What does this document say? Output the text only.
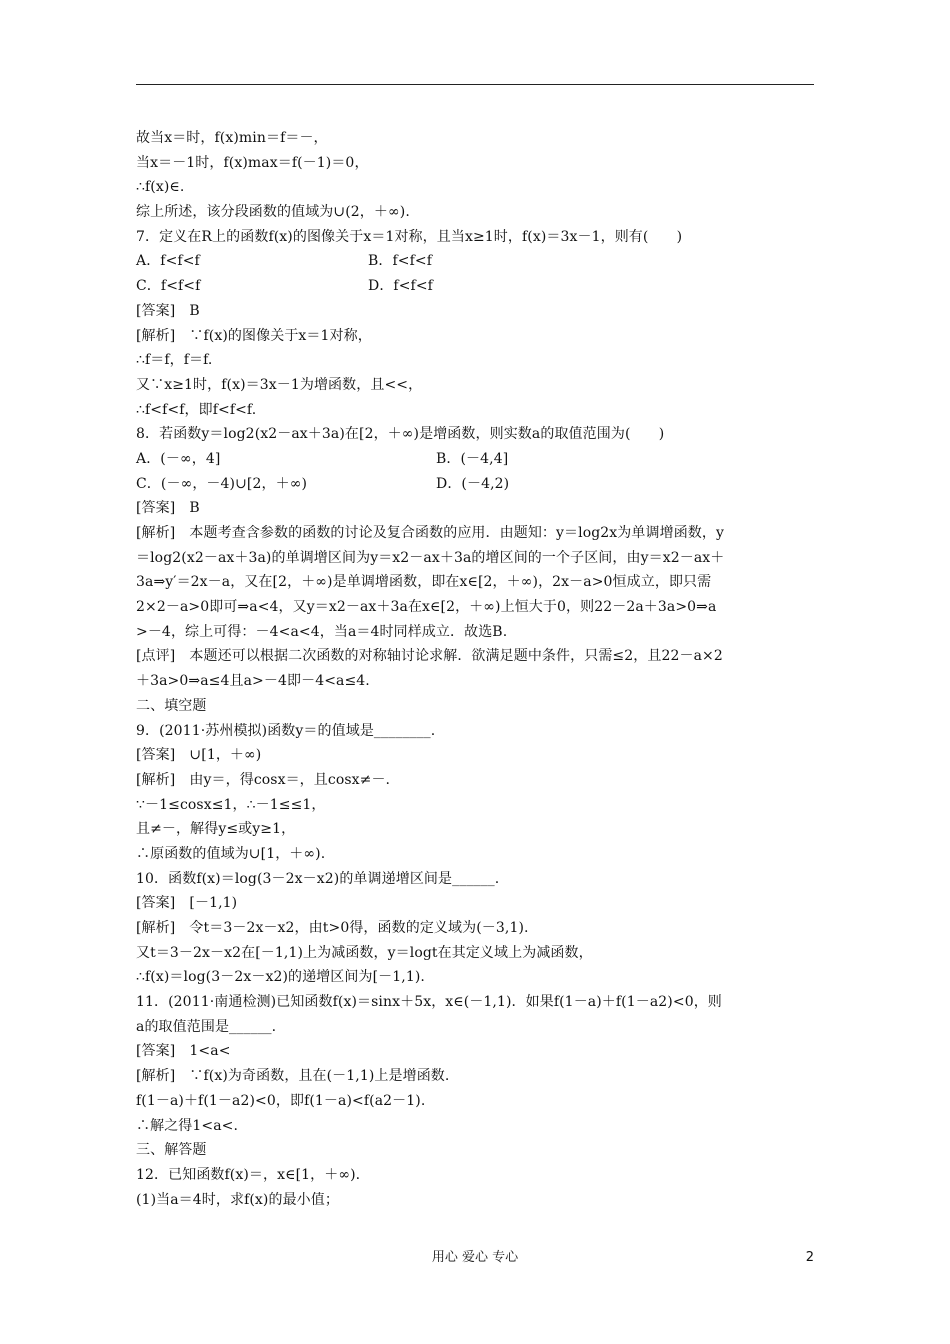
故当x＝时，f(x)min＝f＝－，
当x＝－1时，f(x)max＝f(－1)＝0，
∴f(x)∈.
综上所述，该分段函数的值域为∪(2，＋∞).
7．定义在R上的函数f(x)的图像关于x＝1对称，且当x≥1时，f(x)＝3x－1，则有(　　)
A．f<f<f	B．f<f<f
C．f<f<f	D．f<f<f
[答案]　B
[解析]　∵f(x)的图像关于x＝1对称，
∴f＝f，f＝f.
又∵x≥1时，f(x)＝3x－1为增函数，且<<，
∴f<f<f，即f<f<f.
8．若函数y＝log2(x2－ax＋3a)在[2，＋∞)是增函数，则实数a的取值范围为(　　)
A．(－∞，4]	B．(－4,4]
C．(－∞，－4)∪[2，＋∞)	D．(－4,2)
[答案]　B
[解析]　本题考查含参数的函数的讨论及复合函数的应用．由题知：y＝log2x为单调增函数，y
＝log2(x2－ax＋3a)的单调增区间为y＝x2－ax＋3a的增区间的一个子区间，由y＝x2－ax＋
3a⇒y′＝2x－a，又在[2，＋∞)是单调增函数，即在x∈[2，＋∞)，2x－a>0恒成立，即只需
2×2－a>0即可⇒a<4，又y＝x2－ax＋3a在x∈[2，＋∞)上恒大于0，则22－2a＋3a>0⇒a
>－4，综上可得：－4<a<4，当a＝4时同样成立．故选B.
[点评]　本题还可以根据二次函数的对称轴讨论求解．欲满足题中条件，只需≤2，且22－a×2
＋3a>0⇒a≤4且a>－4即－4<a≤4.
二、填空题
9．(2011·苏州模拟)函数y＝的值域是________.
[答案]　∪[1，＋∞)
[解析]　由y＝，得cosx＝，且cosx≠－.
∵－1≤cosx≤1，∴－1≤≤1，
且≠－，解得y≤或y≥1，
∴原函数的值域为∪[1，＋∞).
10．函数f(x)＝log(3－2x－x2)的单调递增区间是______.
[答案]　[－1,1)
[解析]　令t＝3－2x－x2，由t>0得，函数的定义域为(－3,1).
又t＝3－2x－x2在[－1,1)上为减函数，y＝logt在其定义域上为减函数，
∴f(x)＝log(3－2x－x2)的递增区间为[－1,1).
11．(2011·南通检测)已知函数f(x)＝sinx＋5x，x∈(－1,1)．如果f(1－a)＋f(1－a2)<0，则
a的取值范围是______.
[答案]　1<a<
[解析]　∵f(x)为奇函数，且在(－1,1)上是增函数.
f(1－a)＋f(1－a2)<0，即f(1－a)<f(a2－1).
∴解之得1<a<.
三、解答题
12．已知函数f(x)＝，x∈[1，＋∞).
(1)当a＝4时，求f(x)的最小值；
用心 爱心 专心	2
